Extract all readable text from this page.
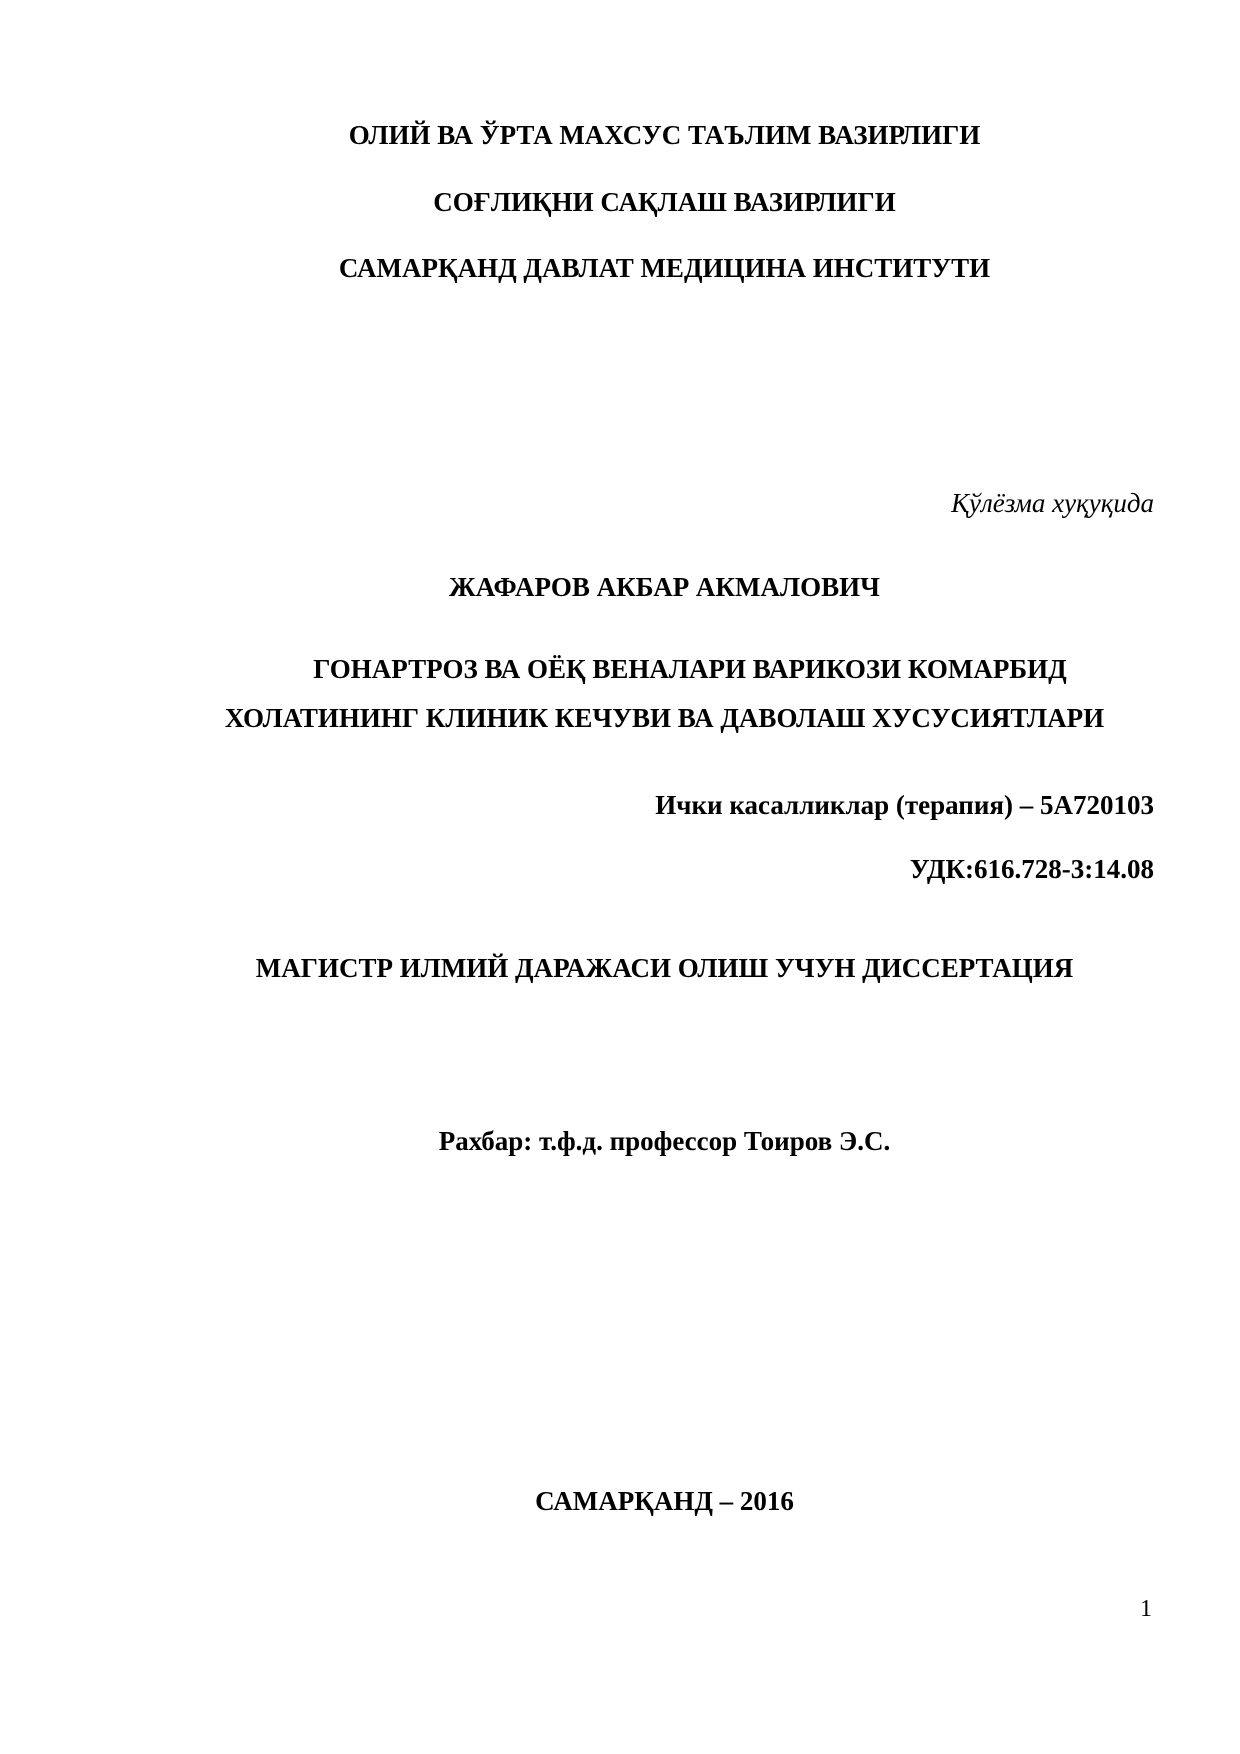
ОЛИЙ ВА ЎРТА МАХСУС ТАЪЛИМ ВАЗИРЛИГИ

СОҒЛИҚНИ САҚЛАШ ВАЗИРЛИГИ

САМАРҚАНД ДАВЛАТ МЕДИЦИНА ИНСТИТУТИ

Қўлёзма хуқуқида

ЖАФАРОВ АКБАР АКМАЛОВИЧ

ГОНАРТРОЗ ВА ОЁҚ ВЕНАЛАРИ ВАРИКОЗИ КОМАРБИД

ХОЛАТИНИНГ КЛИНИК КЕЧУВИ ВА ДАВОЛАШ ХУСУСИЯТЛАРИ

Ички касалликлар (терапия) – 5А720103

УДК:616.728-3:14.08

МАГИСТР ИЛМИЙ ДАРАЖАСИ ОЛИШ УЧУН ДИССЕРТАЦИЯ

Рахбар: т.ф.д. профессор Тоиров Э.С.

САМАРҚАНД – 2016

1
